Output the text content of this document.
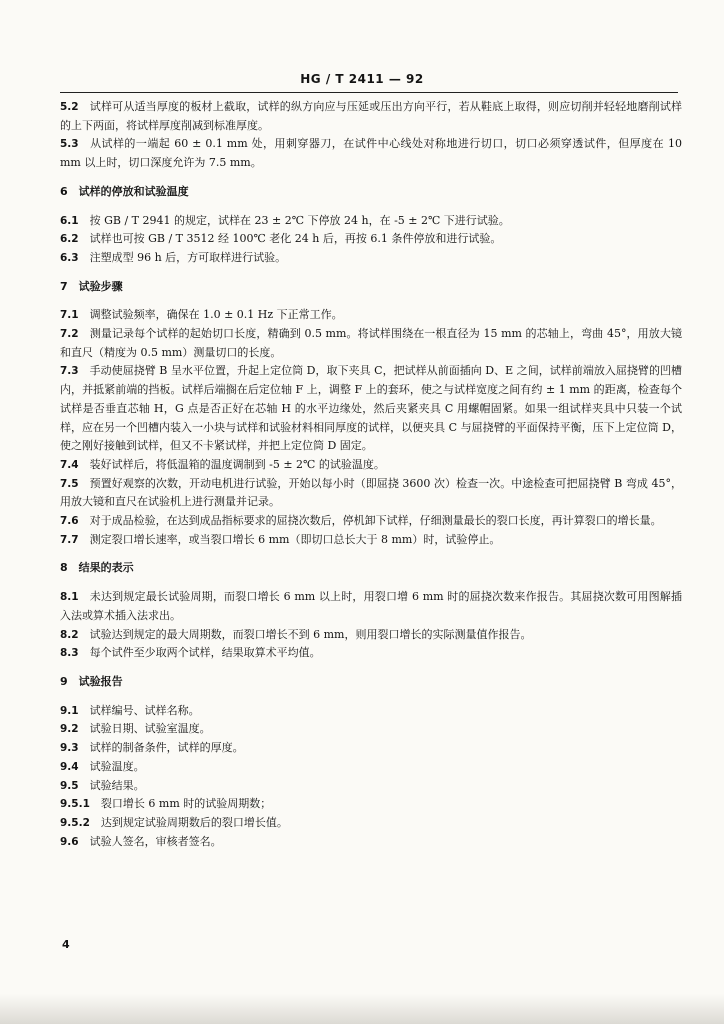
HG / T 2411 — 92

5.2   试样可从适当厚度的板材上截取，试样的纵方向应与压延或压出方向平行，若从鞋底上取得，则应切削并轻轻地磨削试样的上下两面，将试样厚度削减到标准厚度。

5.3   从试样的一端起 60 ± 0.1 mm 处，用刺穿器刀，在试件中心线处对称地进行切口，切口必须穿透试件，但厚度在 10 mm 以上时，切口深度允许为 7.5 mm。

6  试样的停放和试验温度

6.1   按 GB / T 2941 的规定，试样在 23 ± 2℃ 下停放 24 h，在 -5 ± 2℃ 下进行试验。

6.2   试样也可按 GB / T 3512 经 100℃ 老化 24 h 后，再按 6.1 条件停放和进行试验。

6.3   注塑成型 96 h 后，方可取样进行试验。

7  试验步骤

7.1   调整试验频率，确保在 1.0 ± 0.1 Hz 下正常工作。

7.2   测量记录每个试样的起始切口长度，精确到 0.5 mm。将试样围绕在一根直径为 15 mm 的芯轴上，弯曲 45°，用放大镜和直尺（精度为 0.5 mm）测量切口的长度。

7.3   手动使屈挠臂 B 呈水平位置，升起上定位筒 D，取下夹具 C，把试样从前面插向 D、E 之间，试样前端放入屈挠臂的凹槽内，并抵紧前端的挡板。试样后端搁在后定位轴 F 上，调整 F 上的套环，使之与试样宽度之间有约 ± 1 mm 的距离，检查每个试样是否垂直芯轴 H，G 点是否正好在芯轴 H 的水平边缘处，然后夹紧夹具 C 用螺帽固紧。如果一组试样夹具中只装一个试样，应在另一个凹槽内装入一小块与试样和试验材料相同厚度的试样，以便夹具 C 与屈挠臂的平面保持平衡，压下上定位筒 D，使之刚好接触到试样，但又不卡紧试样，并把上定位筒 D 固定。

7.4   装好试样后，将低温箱的温度调制到 -5 ± 2℃ 的试验温度。

7.5   预置好观察的次数，开动电机进行试验，开始以每小时（即屈挠 3600 次）检查一次。中途检查可把屈挠臂 B 弯成 45°，用放大镜和直尺在试验机上进行测量并记录。

7.6   对于成品检验，在达到成品指标要求的屈挠次数后，停机卸下试样，仔细测量最长的裂口长度，再计算裂口的增长量。

7.7   测定裂口增长速率，或当裂口增长 6 mm（即切口总长大于 8 mm）时，试验停止。

8  结果的表示

8.1   未达到规定最长试验周期，而裂口增长 6 mm 以上时，用裂口增 6 mm 时的屈挠次数来作报告。其屈挠次数可用图解插入法或算术插入法求出。

8.2   试验达到规定的最大周期数，而裂口增长不到 6 mm，则用裂口增长的实际测量值作报告。

8.3   每个试件至少取两个试样，结果取算术平均值。

9  试验报告

9.1   试样编号、试样名称。

9.2   试验日期、试验室温度。

9.3   试样的制备条件，试样的厚度。

9.4   试验温度。

9.5   试验结果。

9.5.1   裂口增长 6 mm 时的试验周期数；

9.5.2   达到规定试验周期数后的裂口增长值。

9.6   试验人签名，审核者签名。

4
